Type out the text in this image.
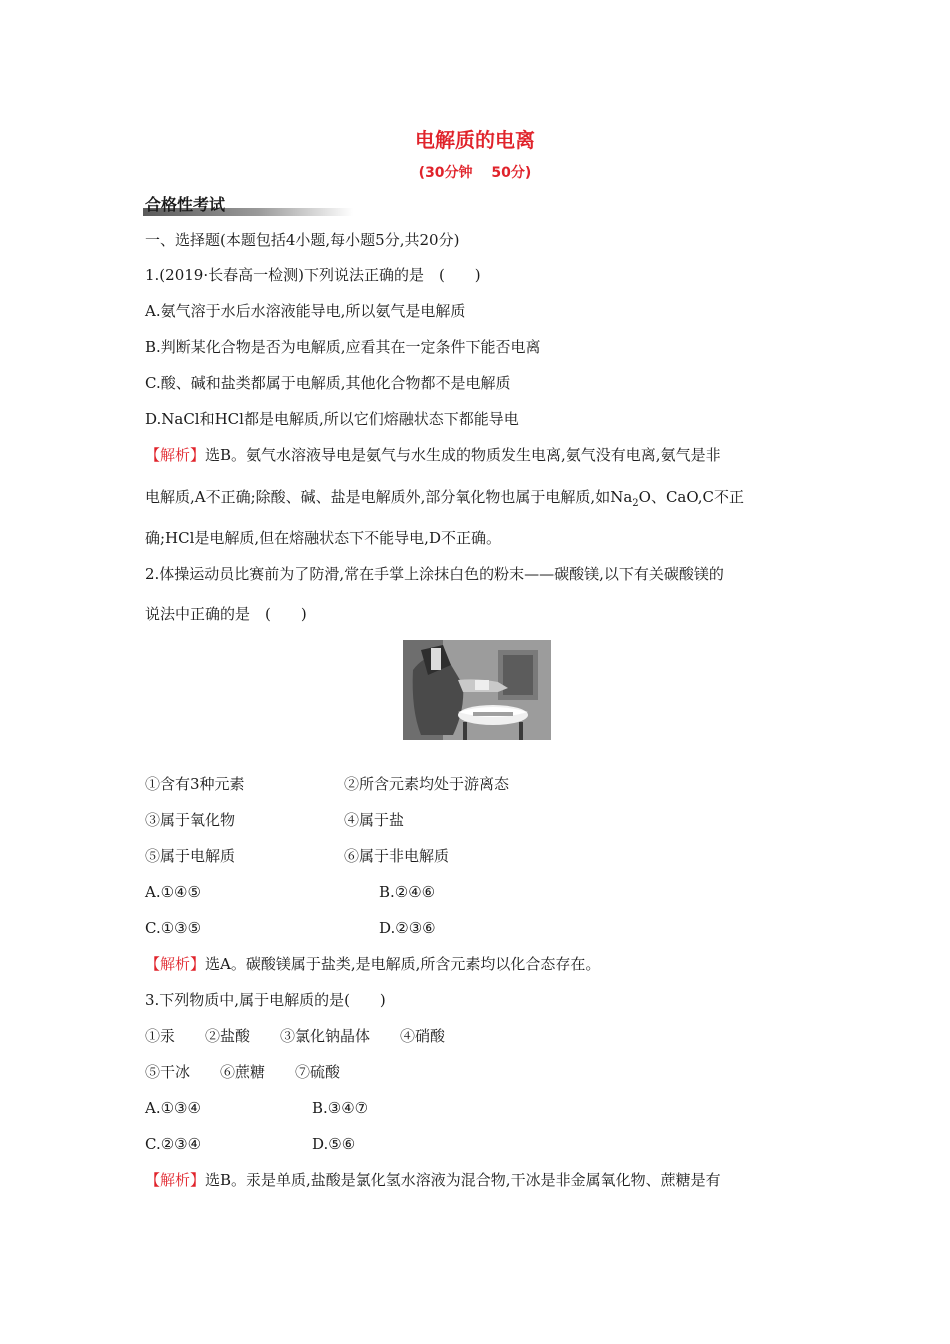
电解质的电离
(30分钟　 50分)
合格性考试
一、选择题(本题包括4小题,每小题5分,共20分)
1.(2019·长春高一检测)下列说法正确的是　(　　)
A.氨气溶于水后水溶液能导电,所以氨气是电解质
B.判断某化合物是否为电解质,应看其在一定条件下能否电离
C.酸、碱和盐类都属于电解质,其他化合物都不是电解质
D.NaCl和HCl都是电解质,所以它们熔融状态下都能导电
【解析】选B。氨气水溶液导电是氨气与水生成的物质发生电离,氨气没有电离,氨气是非
电解质,A不正确;除酸、碱、盐是电解质外,部分氧化物也属于电解质,如$Na_2O$、CaO,C不正
确;HCl是电解质,但在熔融状态下不能导电,D不正确。
2.体操运动员比赛前为了防滑,常在手掌上涂抹白色的粉末——碳酸镁,以下有关碳酸镁的
说法中正确的是　(　　)
①含有3种元素	②所含元素均处于游离态
③属于氧化物	④属于盐
⑤属于电解质	⑥属于非电解质
A.①④⑤	B.②④⑥
C.①③⑤	D.②③⑥
【解析】选A。碳酸镁属于盐类,是电解质,所含元素均以化合态存在。
3.下列物质中,属于电解质的是(　　)
①汞　　②盐酸　　③氯化钠晶体　　④硝酸
⑤干冰　　⑥蔗糖　　⑦硫酸
A.①③④	B.③④⑦
C.②③④	D.⑤⑥
【解析】选B。汞是单质,盐酸是氯化氢水溶液为混合物,干冰是非金属氧化物、蔗糖是有
